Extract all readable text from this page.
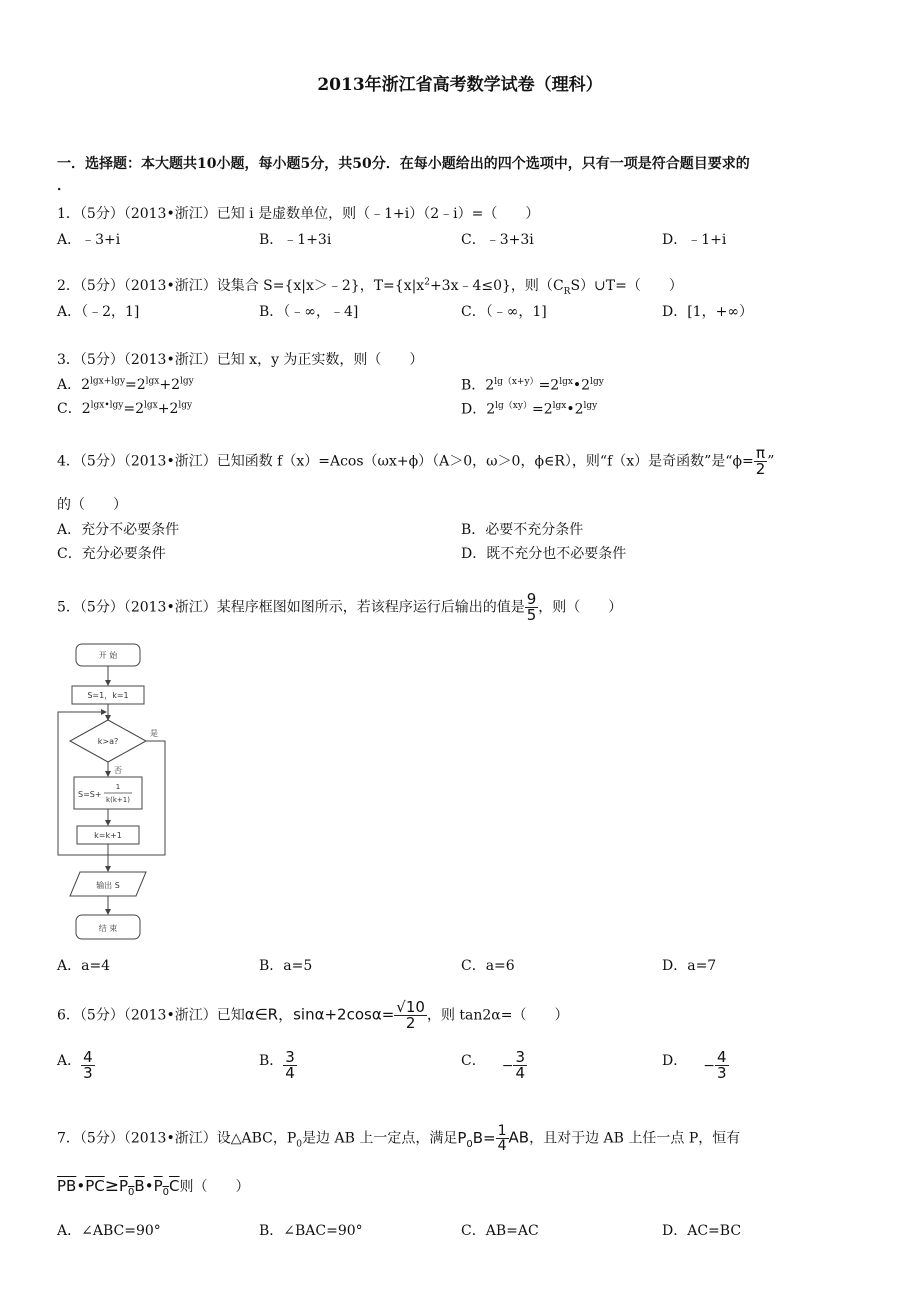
2013年浙江省高考数学试卷（理科）
一．选择题：本大题共10小题，每小题5分，共50分．在每小题给出的四个选项中，只有一项是符合题目要求的
．
1．（5分）（2013•浙江）已知 i 是虚数单位，则（﹣1+i）（2﹣i）=（　　）
A．﹣3+i	B．﹣1+3i	C．﹣3+3i	D．﹣1+i
2．（5分）（2013•浙江）设集合 S={x|x＞﹣2}，$T=\{x|x^2+3x﹣4\le 0\}$，则$(C_RS)\cup T=$（　　）
A．（﹣2，1]	B．（﹣∞，﹣4]	C．（﹣∞，1]	D．[1，+∞）
3．（5分）（2013•浙江）已知 x，y 为正实数，则（　　）
A．$2^{lgx+lgy}=2^{lgx}+2^{lgy}$	B．$2^{lg(x+y)}=2^{lgx}•2^{lgy}$
C．$2^{lgx•lgy}=2^{lgx}+2^{lgy}$	D．$2^{lg(xy)}=2^{lgx}•2^{lgy}$
4．（5分）（2013•浙江）已知函数 f（x）=Acos（ωx+ϕ）（A＞0，ω＞0，ϕ∈R），则“f（x）是奇函数”是“$\phi= \frac{\pi}{2}$ ”
的（　　）
A．充分不必要条件	B．必要不充分条件
C．充分必要条件	D．既不充分也不必要条件
5．（5分）（2013•浙江）某程序框图如图所示，若该程序运行后输出的值是 $\frac{9}{5}$ ，则（　　）
开 始
S=1，k=1
k>a?
是
否
S=S+
1
k(k+1)
k=k+1
输出 S
结 束
A．a=4	B．a=5	C．a=6	D．a=7
6．（5分）（2013•浙江）已知α∈R，$\sin\alpha+2\cos\alpha= \frac{√10}{2}$ ，则 tan2α=（　　）
A． $\frac{4}{3}$	B． $\frac{3}{4}$	C． − $\frac{3}{4}$	D． − $\frac{4}{3}$
7．（5分）（2013•浙江）设△ABC，$P_0$是边 AB 上一定点，满足$P_0B= \frac{1}{4}$ AB，且对于边 AB 上任一点 P，恒有
$\overline{PB}•\overline{PC}\ge P_0B•P_0C$则（　　）
A．∠ABC=90°	B．∠BAC=90°	C．AB=AC	D．AC=BC
